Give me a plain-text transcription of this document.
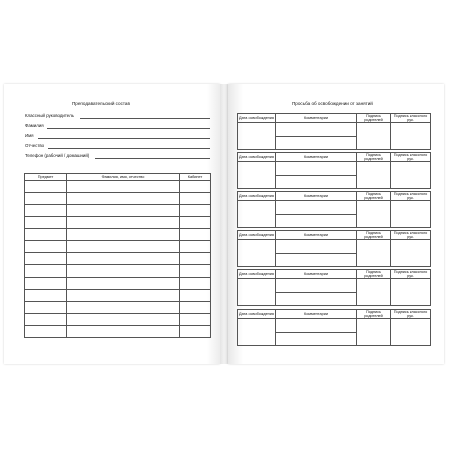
Преподавательский состав
Классный руководитель
Фамилия
Имя
Отчество
Телефон (рабочий / домашний)
Предмет	Фамилия, имя, отчество	Кабинет

Просьба об освобождении от занятий
Дата освобождения	Комментарии	Подпись родителей	Подпись классного рук.

Дата освобождения	Комментарии	Подпись родителей	Подпись классного рук.

Дата освобождения	Комментарии	Подпись родителей	Подпись классного рук.

Дата освобождения	Комментарии	Подпись родителей	Подпись классного рук.

Дата освобождения	Комментарии	Подпись родителей	Подпись классного рук.

Дата освобождения	Комментарии	Подпись родителей	Подпись классного рук.
